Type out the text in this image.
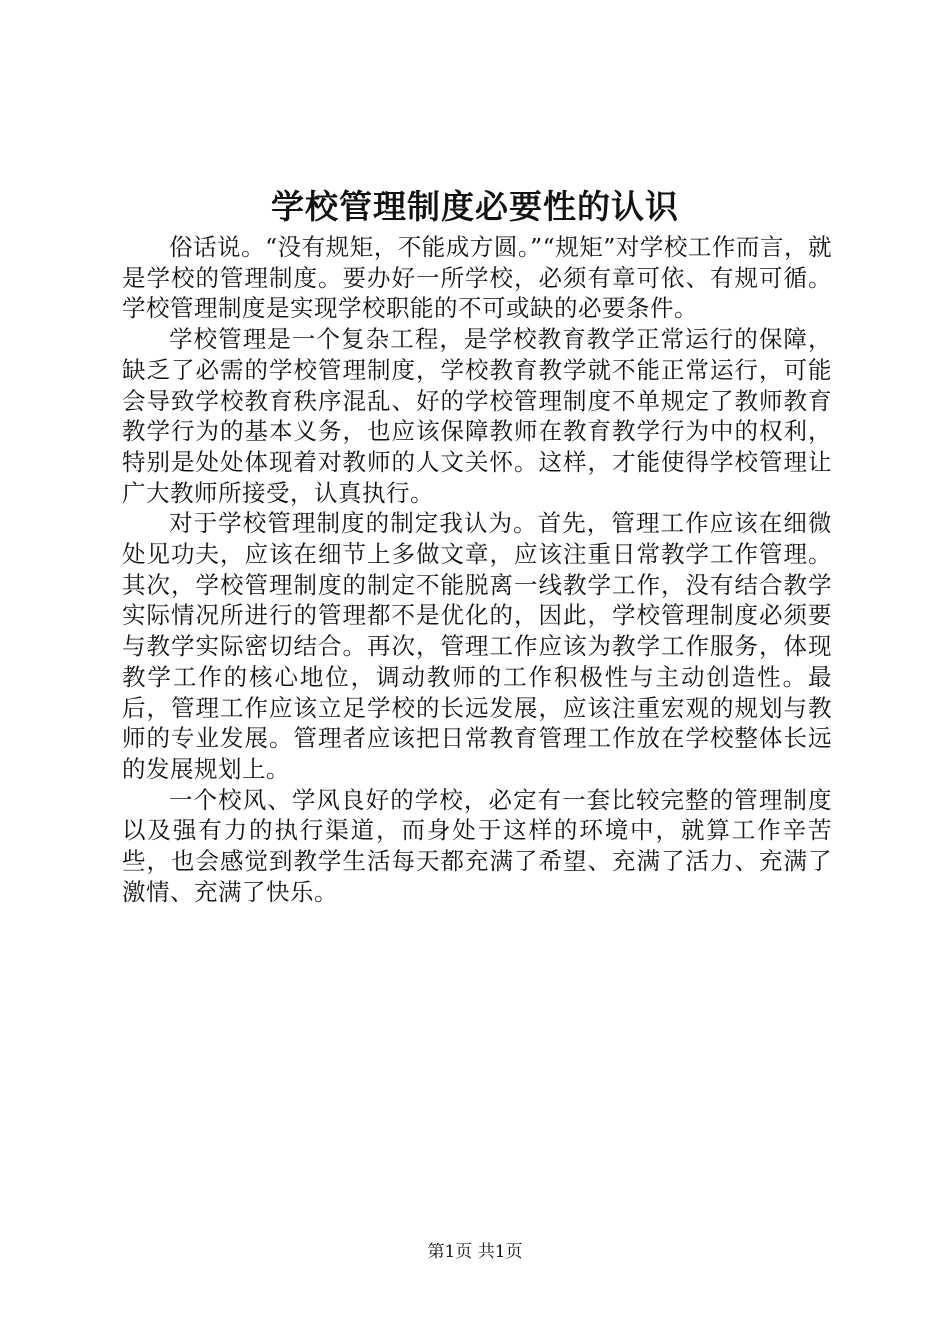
学校管理制度必要性的认识

俗话说。“没有规矩，不能成方圆。”“规矩”对学校工作而言，就是学校的管理制度。要办好一所学校，必须有章可依、有规可循。学校管理制度是实现学校职能的不可或缺的必要条件。

学校管理是一个复杂工程，是学校教育教学正常运行的保障，缺乏了必需的学校管理制度，学校教育教学就不能正常运行，可能会导致学校教育秩序混乱、好的学校管理制度不单规定了教师教育教学行为的基本义务，也应该保障教师在教育教学行为中的权利，特别是处处体现着对教师的人文关怀。这样，才能使得学校管理让广大教师所接受，认真执行。

对于学校管理制度的制定我认为。首先，管理工作应该在细微处见功夫，应该在细节上多做文章，应该注重日常教学工作管理。其次，学校管理制度的制定不能脱离一线教学工作，没有结合教学实际情况所进行的管理都不是优化的，因此，学校管理制度必须要与教学实际密切结合。再次，管理工作应该为教学工作服务，体现教学工作的核心地位，调动教师的工作积极性与主动创造性。最后，管理工作应该立足学校的长远发展，应该注重宏观的规划与教师的专业发展。管理者应该把日常教育管理工作放在学校整体长远的发展规划上。

一个校风、学风良好的学校，必定有一套比较完整的管理制度以及强有力的执行渠道，而身处于这样的环境中，就算工作辛苦些，也会感觉到教学生活每天都充满了希望、充满了活力、充满了激情、充满了快乐。

第1页 共1页
